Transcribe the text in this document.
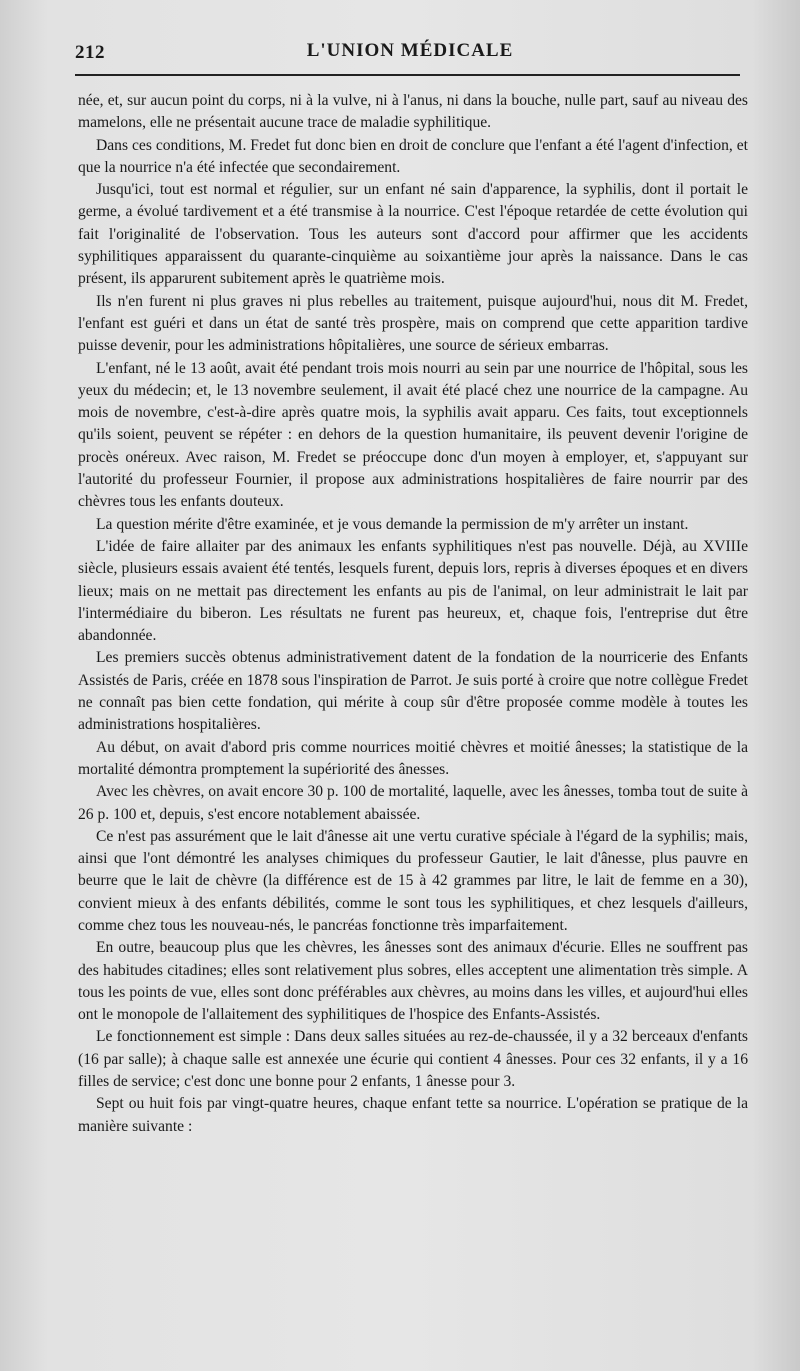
212	L'UNION MÉDICALE

née, et, sur aucun point du corps, ni à la vulve, ni à l'anus, ni dans la bouche, nulle part, sauf au niveau des mamelons, elle ne présentait aucune trace de maladie syphilitique.

Dans ces conditions, M. Fredet fut donc bien en droit de conclure que l'enfant a été l'agent d'infection, et que la nourrice n'a été infectée que secondairement.

Jusqu'ici, tout est normal et régulier, sur un enfant né sain d'apparence, la syphilis, dont il portait le germe, a évolué tardivement et a été transmise à la nourrice. C'est l'époque retardée de cette évolution qui fait l'originalité de l'observation. Tous les auteurs sont d'accord pour affirmer que les accidents syphilitiques apparaissent du quarante-cinquième au soixantième jour après la naissance. Dans le cas présent, ils apparurent subitement après le quatrième mois.

Ils n'en furent ni plus graves ni plus rebelles au traitement, puisque aujourd'hui, nous dit M. Fredet, l'enfant est guéri et dans un état de santé très prospère, mais on comprend que cette apparition tardive puisse devenir, pour les administrations hôpitalières, une source de sérieux embarras.

L'enfant, né le 13 août, avait été pendant trois mois nourri au sein par une nourrice de l'hôpital, sous les yeux du médecin; et, le 13 novembre seulement, il avait été placé chez une nourrice de la campagne. Au mois de novembre, c'est-à-dire après quatre mois, la syphilis avait apparu. Ces faits, tout exceptionnels qu'ils soient, peuvent se répéter : en dehors de la question humanitaire, ils peuvent devenir l'origine de procès onéreux. Avec raison, M. Fredet se préoccupe donc d'un moyen à employer, et, s'appuyant sur l'autorité du professeur Fournier, il propose aux administrations hospitalières de faire nourrir par des chèvres tous les enfants douteux.

La question mérite d'être examinée, et je vous demande la permission de m'y arrêter un instant.

L'idée de faire allaiter par des animaux les enfants syphilitiques n'est pas nouvelle. Déjà, au XVIIIe siècle, plusieurs essais avaient été tentés, lesquels furent, depuis lors, repris à diverses époques et en divers lieux; mais on ne mettait pas directement les enfants au pis de l'animal, on leur administrait le lait par l'intermédiaire du biberon. Les résultats ne furent pas heureux, et, chaque fois, l'entreprise dut être abandonnée.

Les premiers succès obtenus administrativement datent de la fondation de la nourricerie des Enfants Assistés de Paris, créée en 1878 sous l'inspiration de Parrot. Je suis porté à croire que notre collègue Fredet ne connaît pas bien cette fondation, qui mérite à coup sûr d'être proposée comme modèle à toutes les administrations hospitalières.

Au début, on avait d'abord pris comme nourrices moitié chèvres et moitié ânesses; la statistique de la mortalité démontra promptement la supériorité des ânesses.

Avec les chèvres, on avait encore 30 p. 100 de mortalité, laquelle, avec les ânesses, tomba tout de suite à 26 p. 100 et, depuis, s'est encore notablement abaissée.

Ce n'est pas assurément que le lait d'ânesse ait une vertu curative spéciale à l'égard de la syphilis; mais, ainsi que l'ont démontré les analyses chimiques du professeur Gautier, le lait d'ânesse, plus pauvre en beurre que le lait de chèvre (la différence est de 15 à 42 grammes par litre, le lait de femme en a 30), convient mieux à des enfants débilités, comme le sont tous les syphilitiques, et chez lesquels d'ailleurs, comme chez tous les nouveau-nés, le pancréas fonctionne très imparfaitement.

En outre, beaucoup plus que les chèvres, les ânesses sont des animaux d'écurie. Elles ne souffrent pas des habitudes citadines; elles sont relativement plus sobres, elles acceptent une alimentation très simple. A tous les points de vue, elles sont donc préférables aux chèvres, au moins dans les villes, et aujourd'hui elles ont le monopole de l'allaitement des syphilitiques de l'hospice des Enfants-Assistés.

Le fonctionnement est simple : Dans deux salles situées au rez-de-chaussée, il y a 32 berceaux d'enfants (16 par salle); à chaque salle est annexée une écurie qui contient 4 ânesses. Pour ces 32 enfants, il y a 16 filles de service; c'est donc une bonne pour 2 enfants, 1 ânesse pour 3.

Sept ou huit fois par vingt-quatre heures, chaque enfant tette sa nourrice. L'opération se pratique de la manière suivante :
